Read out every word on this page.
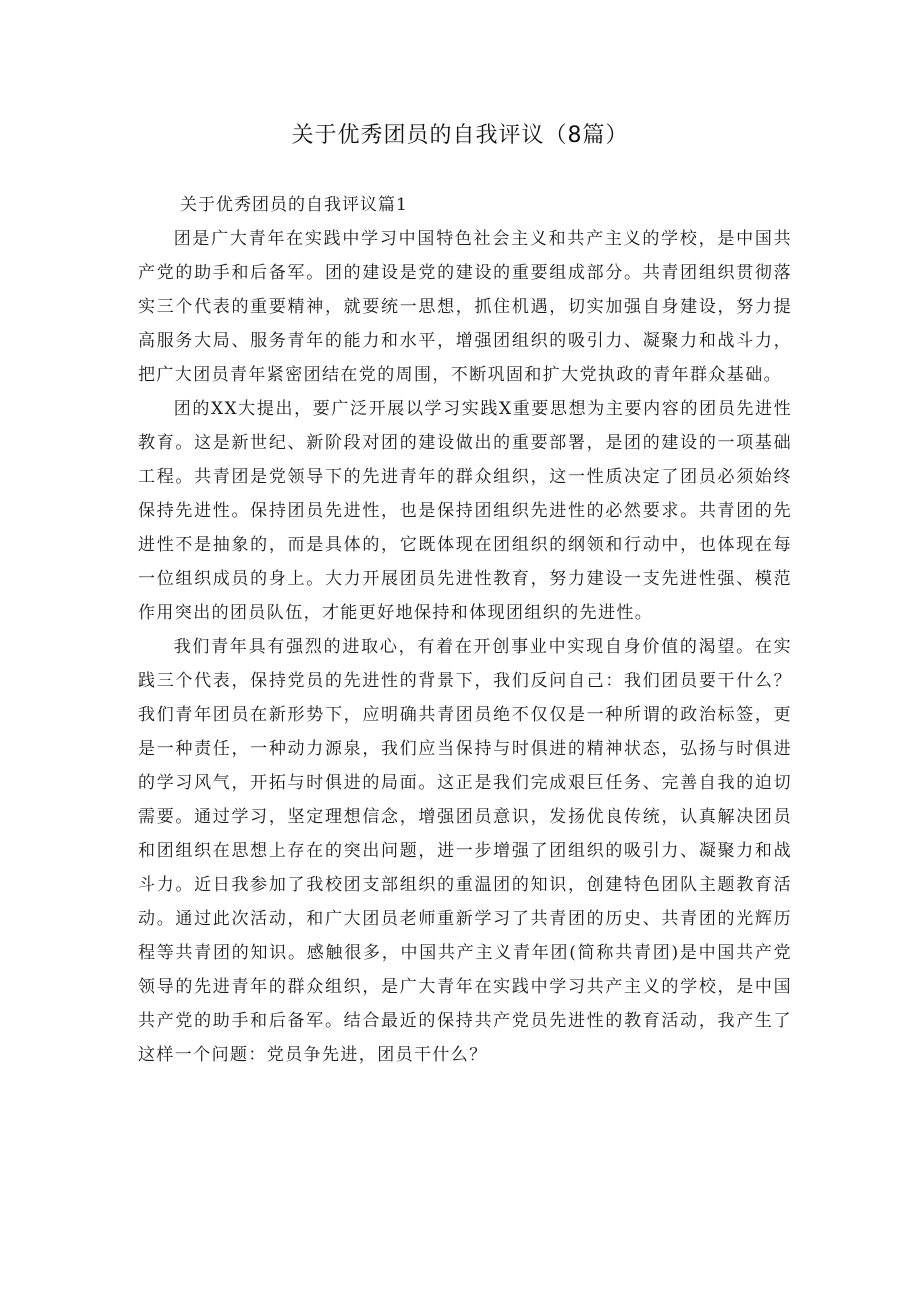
关于优秀团员的自我评议（8篇）

关于优秀团员的自我评议篇1

团是广大青年在实践中学习中国特色社会主义和共产主义的学校，是中国共产党的助手和后备军。团的建设是党的建设的重要组成部分。共青团组织贯彻落实三个代表的重要精神，就要统一思想，抓住机遇，切实加强自身建设，努力提高服务大局、服务青年的能力和水平，增强团组织的吸引力、凝聚力和战斗力，把广大团员青年紧密团结在党的周围，不断巩固和扩大党执政的青年群众基础。

团的XX大提出，要广泛开展以学习实践X重要思想为主要内容的团员先进性教育。这是新世纪、新阶段对团的建设做出的重要部署，是团的建设的一项基础工程。共青团是党领导下的先进青年的群众组织，这一性质决定了团员必须始终保持先进性。保持团员先进性，也是保持团组织先进性的必然要求。共青团的先进性不是抽象的，而是具体的，它既体现在团组织的纲领和行动中，也体现在每一位组织成员的身上。大力开展团员先进性教育，努力建设一支先进性强、模范作用突出的团员队伍，才能更好地保持和体现团组织的先进性。

我们青年具有强烈的进取心，有着在开创事业中实现自身价值的渴望。在实践三个代表，保持党员的先进性的背景下，我们反问自己：我们团员要干什么？我们青年团员在新形势下，应明确共青团员绝不仅仅是一种所谓的政治标签，更是一种责任，一种动力源泉，我们应当保持与时俱进的精神状态，弘扬与时俱进的学习风气，开拓与时俱进的局面。这正是我们完成艰巨任务、完善自我的迫切需要。通过学习，坚定理想信念，增强团员意识，发扬优良传统，认真解决团员和团组织在思想上存在的突出问题，进一步增强了团组织的吸引力、凝聚力和战斗力。近日我参加了我校团支部组织的重温团的知识，创建特色团队主题教育活动。通过此次活动，和广大团员老师重新学习了共青团的历史、共青团的光辉历程等共青团的知识。感触很多，中国共产主义青年团(简称共青团)是中国共产党领导的先进青年的群众组织，是广大青年在实践中学习共产主义的学校，是中国共产党的助手和后备军。结合最近的保持共产党员先进性的教育活动，我产生了这样一个问题：党员争先进，团员干什么？
